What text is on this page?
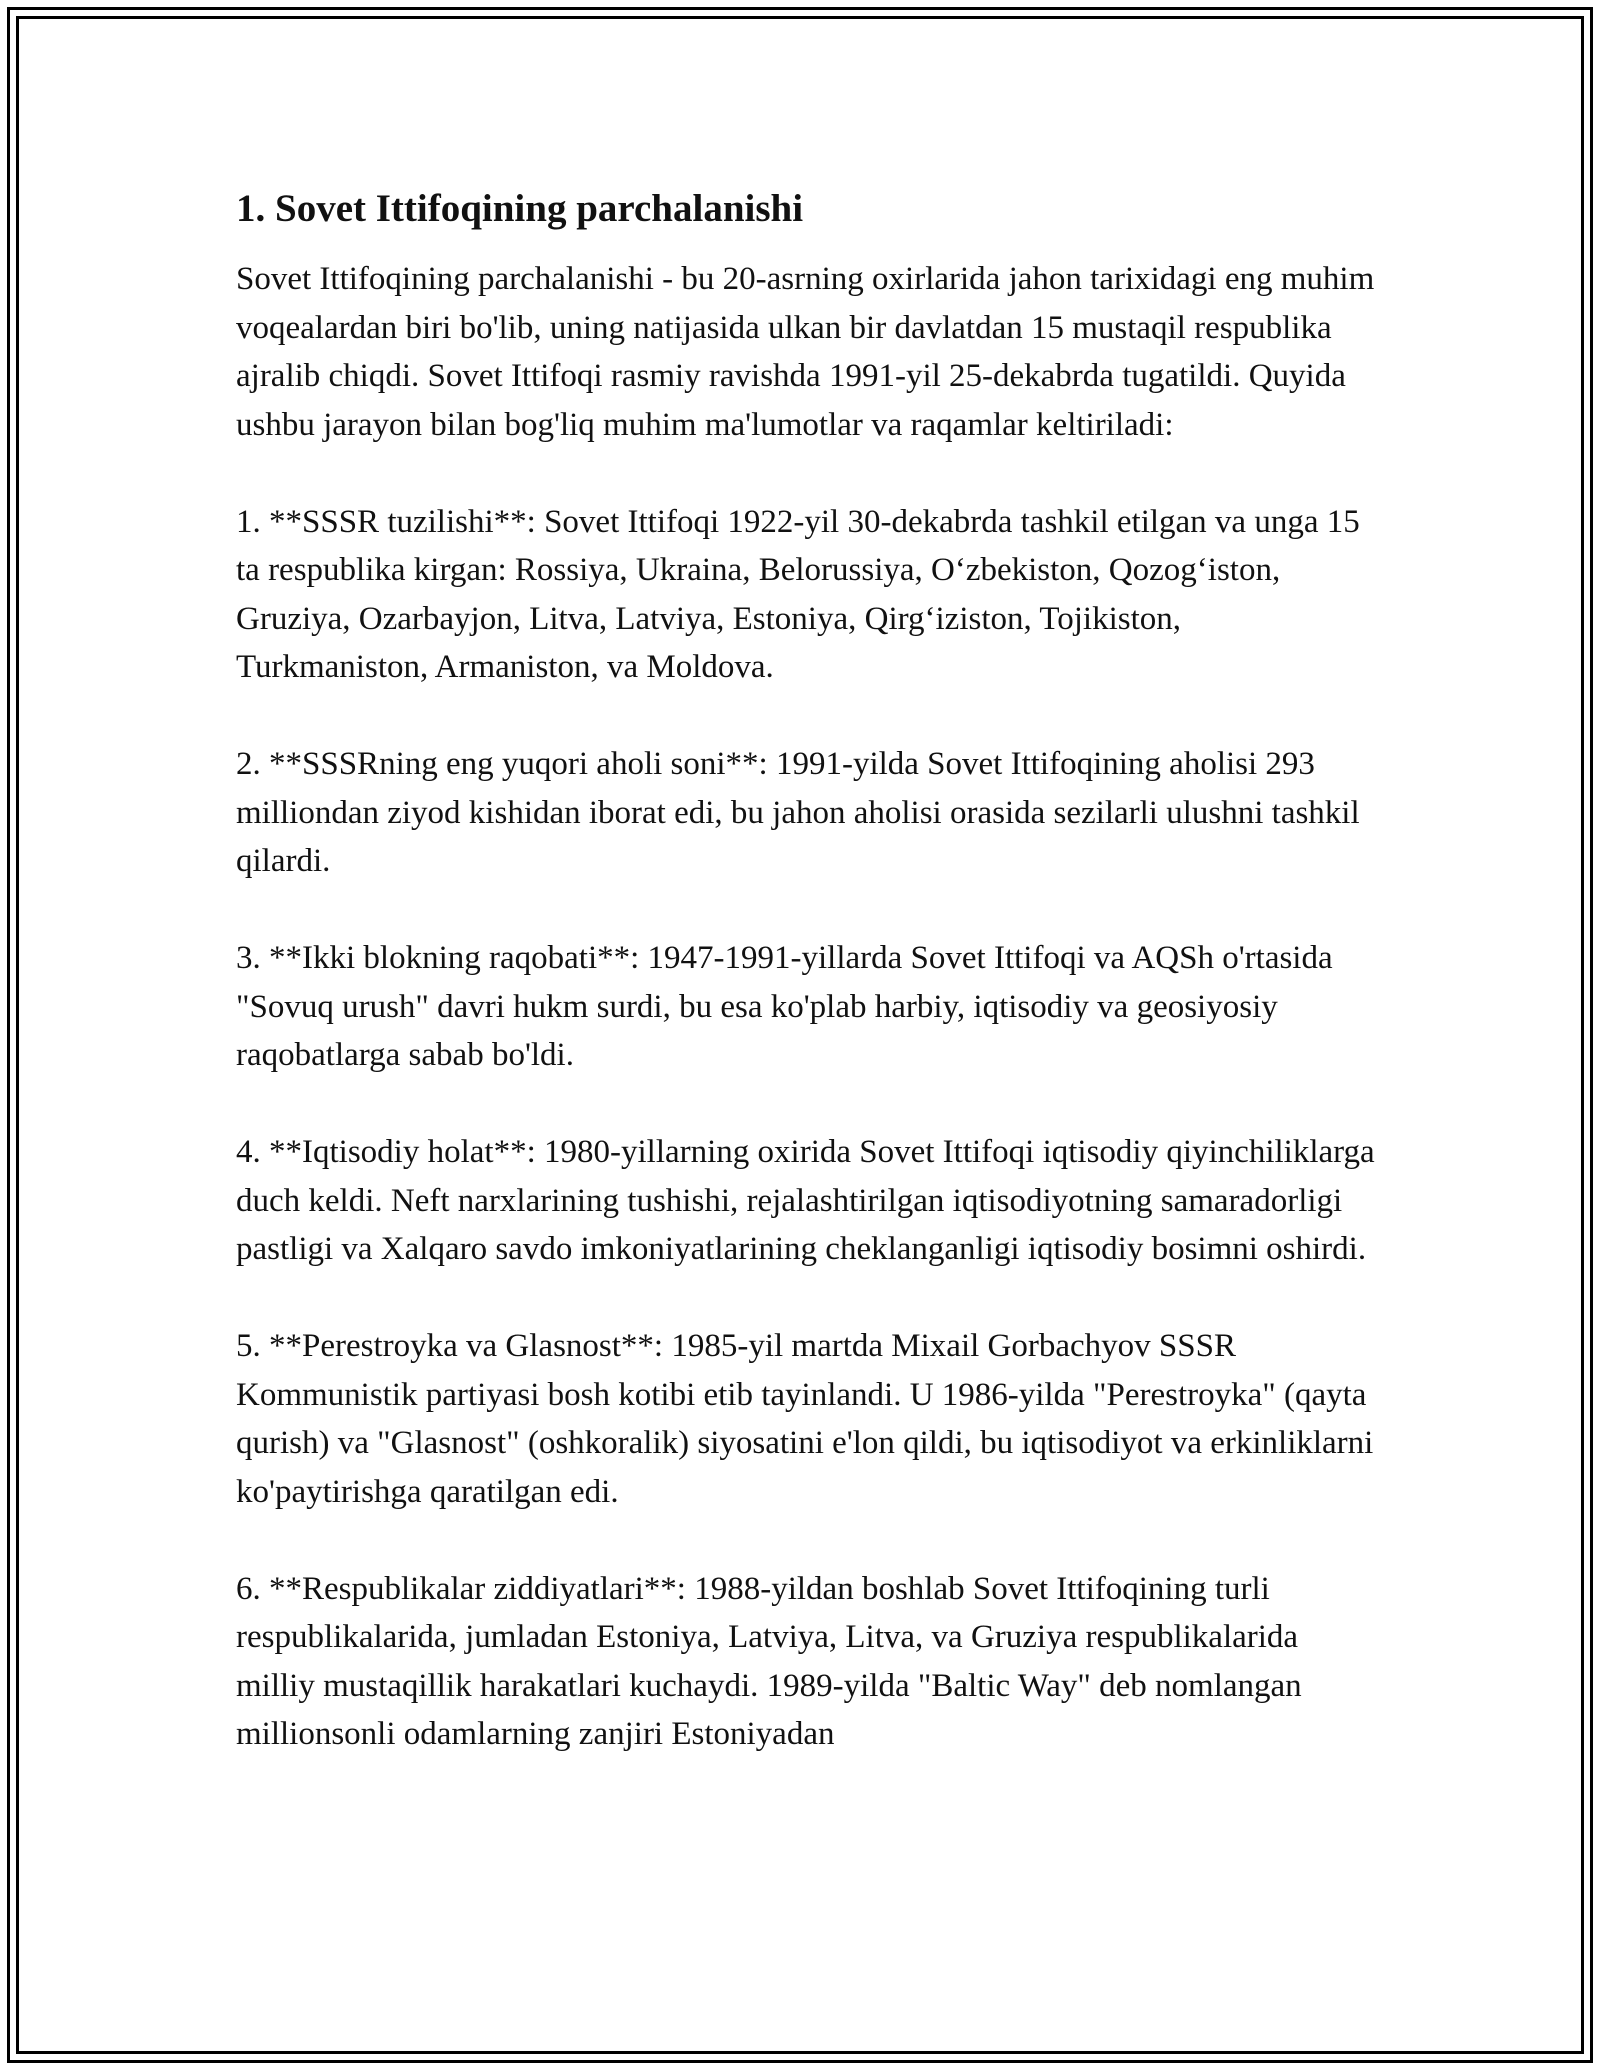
1. Sovet Ittifoqining parchalanishi
Sovet Ittifoqining parchalanishi - bu 20-asrning oxirlarida jahon tarixidagi eng muhim voqealardan biri bo'lib, uning natijasida ulkan bir davlatdan 15 mustaqil respublika ajralib chiqdi. Sovet Ittifoqi rasmiy ravishda 1991-yil 25-dekabrda tugatildi. Quyida ushbu jarayon bilan bog'liq muhim ma'lumotlar va raqamlar keltiriladi:
1. **SSSR tuzilishi**: Sovet Ittifoqi 1922-yil 30-dekabrda tashkil etilgan va unga 15 ta respublika kirgan: Rossiya, Ukraina, Belorussiya, O‘zbekiston, Qozog‘iston, Gruziya, Ozarbayjon, Litva, Latviya, Estoniya, Qirg‘iziston, Tojikiston, Turkmaniston, Armaniston, va Moldova.
2. **SSSRning eng yuqori aholi soni**: 1991-yilda Sovet Ittifoqining aholisi 293 milliondan ziyod kishidan iborat edi, bu jahon aholisi orasida sezilarli ulushni tashkil qilardi.
3. **Ikki blokning raqobati**: 1947-1991-yillarda Sovet Ittifoqi va AQSh o'rtasida "Sovuq urush" davri hukm surdi, bu esa ko'plab harbiy, iqtisodiy va geosiyosiy raqobatlarga sabab bo'ldi.
4. **Iqtisodiy holat**: 1980-yillarning oxirida Sovet Ittifoqi iqtisodiy qiyinchiliklarga duch keldi. Neft narxlarining tushishi, rejalashtirilgan iqtisodiyotning samaradorligi pastligi va Xalqaro savdo imkoniyatlarining cheklanganligi iqtisodiy bosimni oshirdi.
5. **Perestroyka va Glasnost**: 1985-yil martda Mixail Gorbachyov SSSR Kommunistik partiyasi bosh kotibi etib tayinlandi. U 1986-yilda "Perestroyka" (qayta qurish) va "Glasnost" (oshkoralik) siyosatini e'lon qildi, bu iqtisodiyot va erkinliklarni ko'paytirishga qaratilgan edi.
6. **Respublikalar ziddiyatlari**: 1988-yildan boshlab Sovet Ittifoqining turli respublikalarida, jumladan Estoniya, Latviya, Litva, va Gruziya respublikalarida milliy mustaqillik harakatlari kuchaydi. 1989-yilda "Baltic Way" deb nomlangan millionsonli odamlarning zanjiri Estoniyadan
